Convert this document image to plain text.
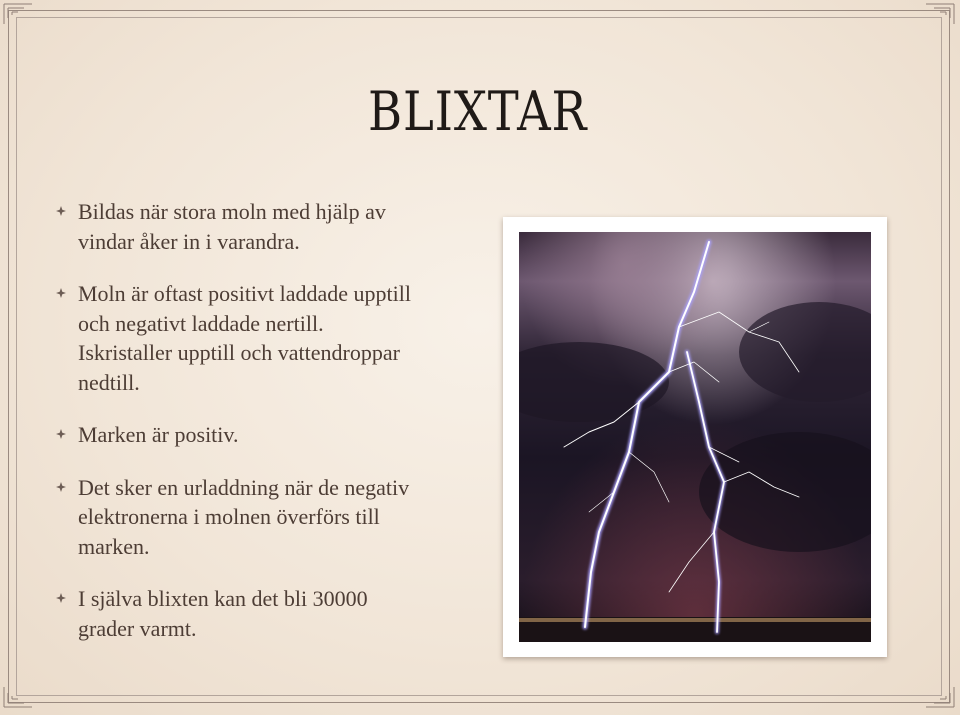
BLIXTAR
Bildas när stora moln med hjälp av
vindar åker in i varandra.
Moln är oftast positivt laddade upptill
och negativt laddade nertill.
Iskristaller upptill och vattendroppar
nedtill.
Marken är positiv.
Det sker en urladdning när de negativ
elektronerna i molnen överförs till
marken.
I själva blixten kan det bli 30000
grader varmt.
